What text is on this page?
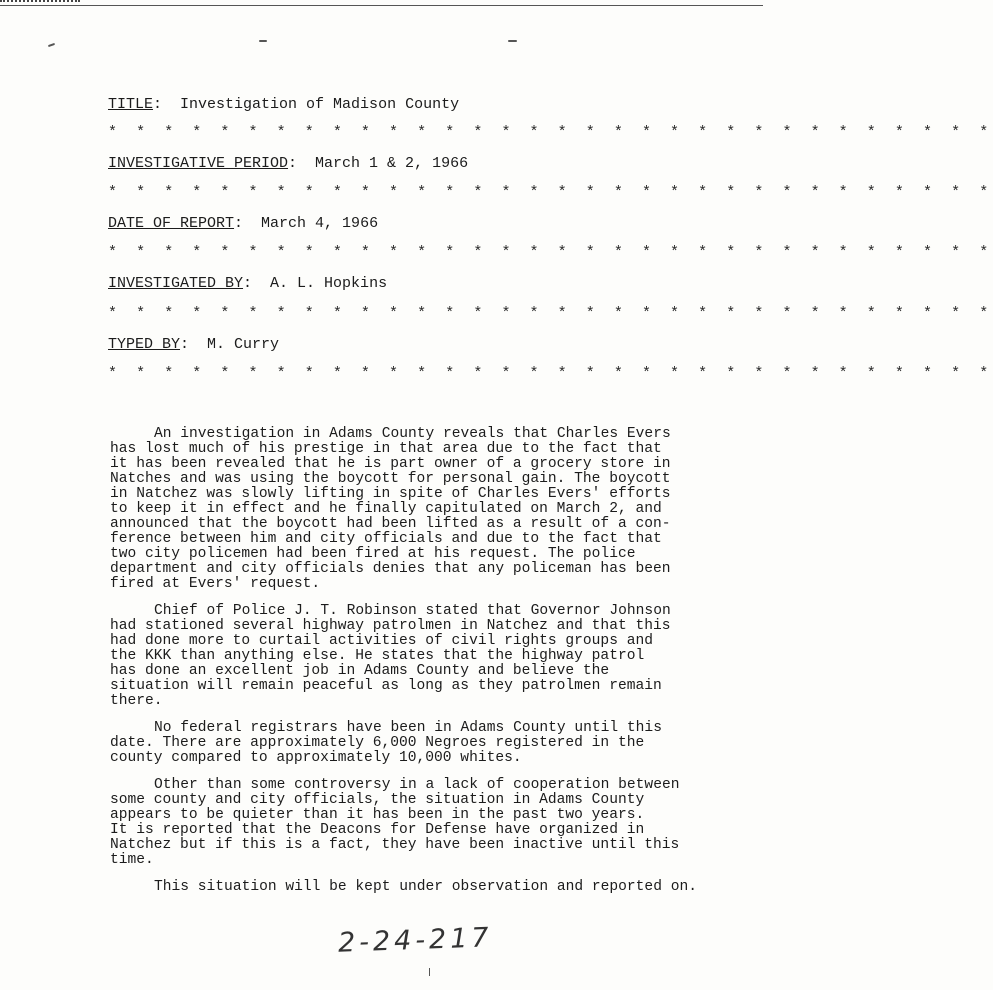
TITLE:  Investigation of Madison County
* * * * * * * * * * * * * * * * * * * * * * * * * * * * * * * *
INVESTIGATIVE PERIOD:  March 1 & 2, 1966
* * * * * * * * * * * * * * * * * * * * * * * * * * * * * * * *
DATE OF REPORT:  March 4, 1966
* * * * * * * * * * * * * * * * * * * * * * * * * * * * * * * *
INVESTIGATED BY:  A. L. Hopkins
* * * * * * * * * * * * * * * * * * * * * * * * * * * * * * * *
TYPED BY:  M. Curry
* * * * * * * * * * * * * * * * * * * * * * * * * * * * * * * *

An investigation in Adams County reveals that Charles Evers
has lost much of his prestige in that area due to the fact that
it has been revealed that he is part owner of a grocery store in
Natches and was using the boycott for personal gain. The boycott
in Natchez was slowly lifting in spite of Charles Evers' efforts
to keep it in effect and he finally capitulated on March 2, and
announced that the boycott had been lifted as a result of a con-
ference between him and city officials and due to the fact that
two city policemen had been fired at his request. The police
department and city officials denies that any policeman has been
fired at Evers' request.

Chief of Police J. T. Robinson stated that Governor Johnson
had stationed several highway patrolmen in Natchez and that this
had done more to curtail activities of civil rights groups and
the KKK than anything else. He states that the highway patrol
has done an excellent job in Adams County and believe the
situation will remain peaceful as long as they patrolmen remain
there.

No federal registrars have been in Adams County until this
date. There are approximately 6,000 Negroes registered in the
county compared to approximately 10,000 whites.

Other than some controversy in a lack of cooperation between
some county and city officials, the situation in Adams County
appears to be quieter than it has been in the past two years.
It is reported that the Deacons for Defense have organized in
Natchez but if this is a fact, they have been inactive until this
time.

This situation will be kept under observation and reported on.

2-24-217
